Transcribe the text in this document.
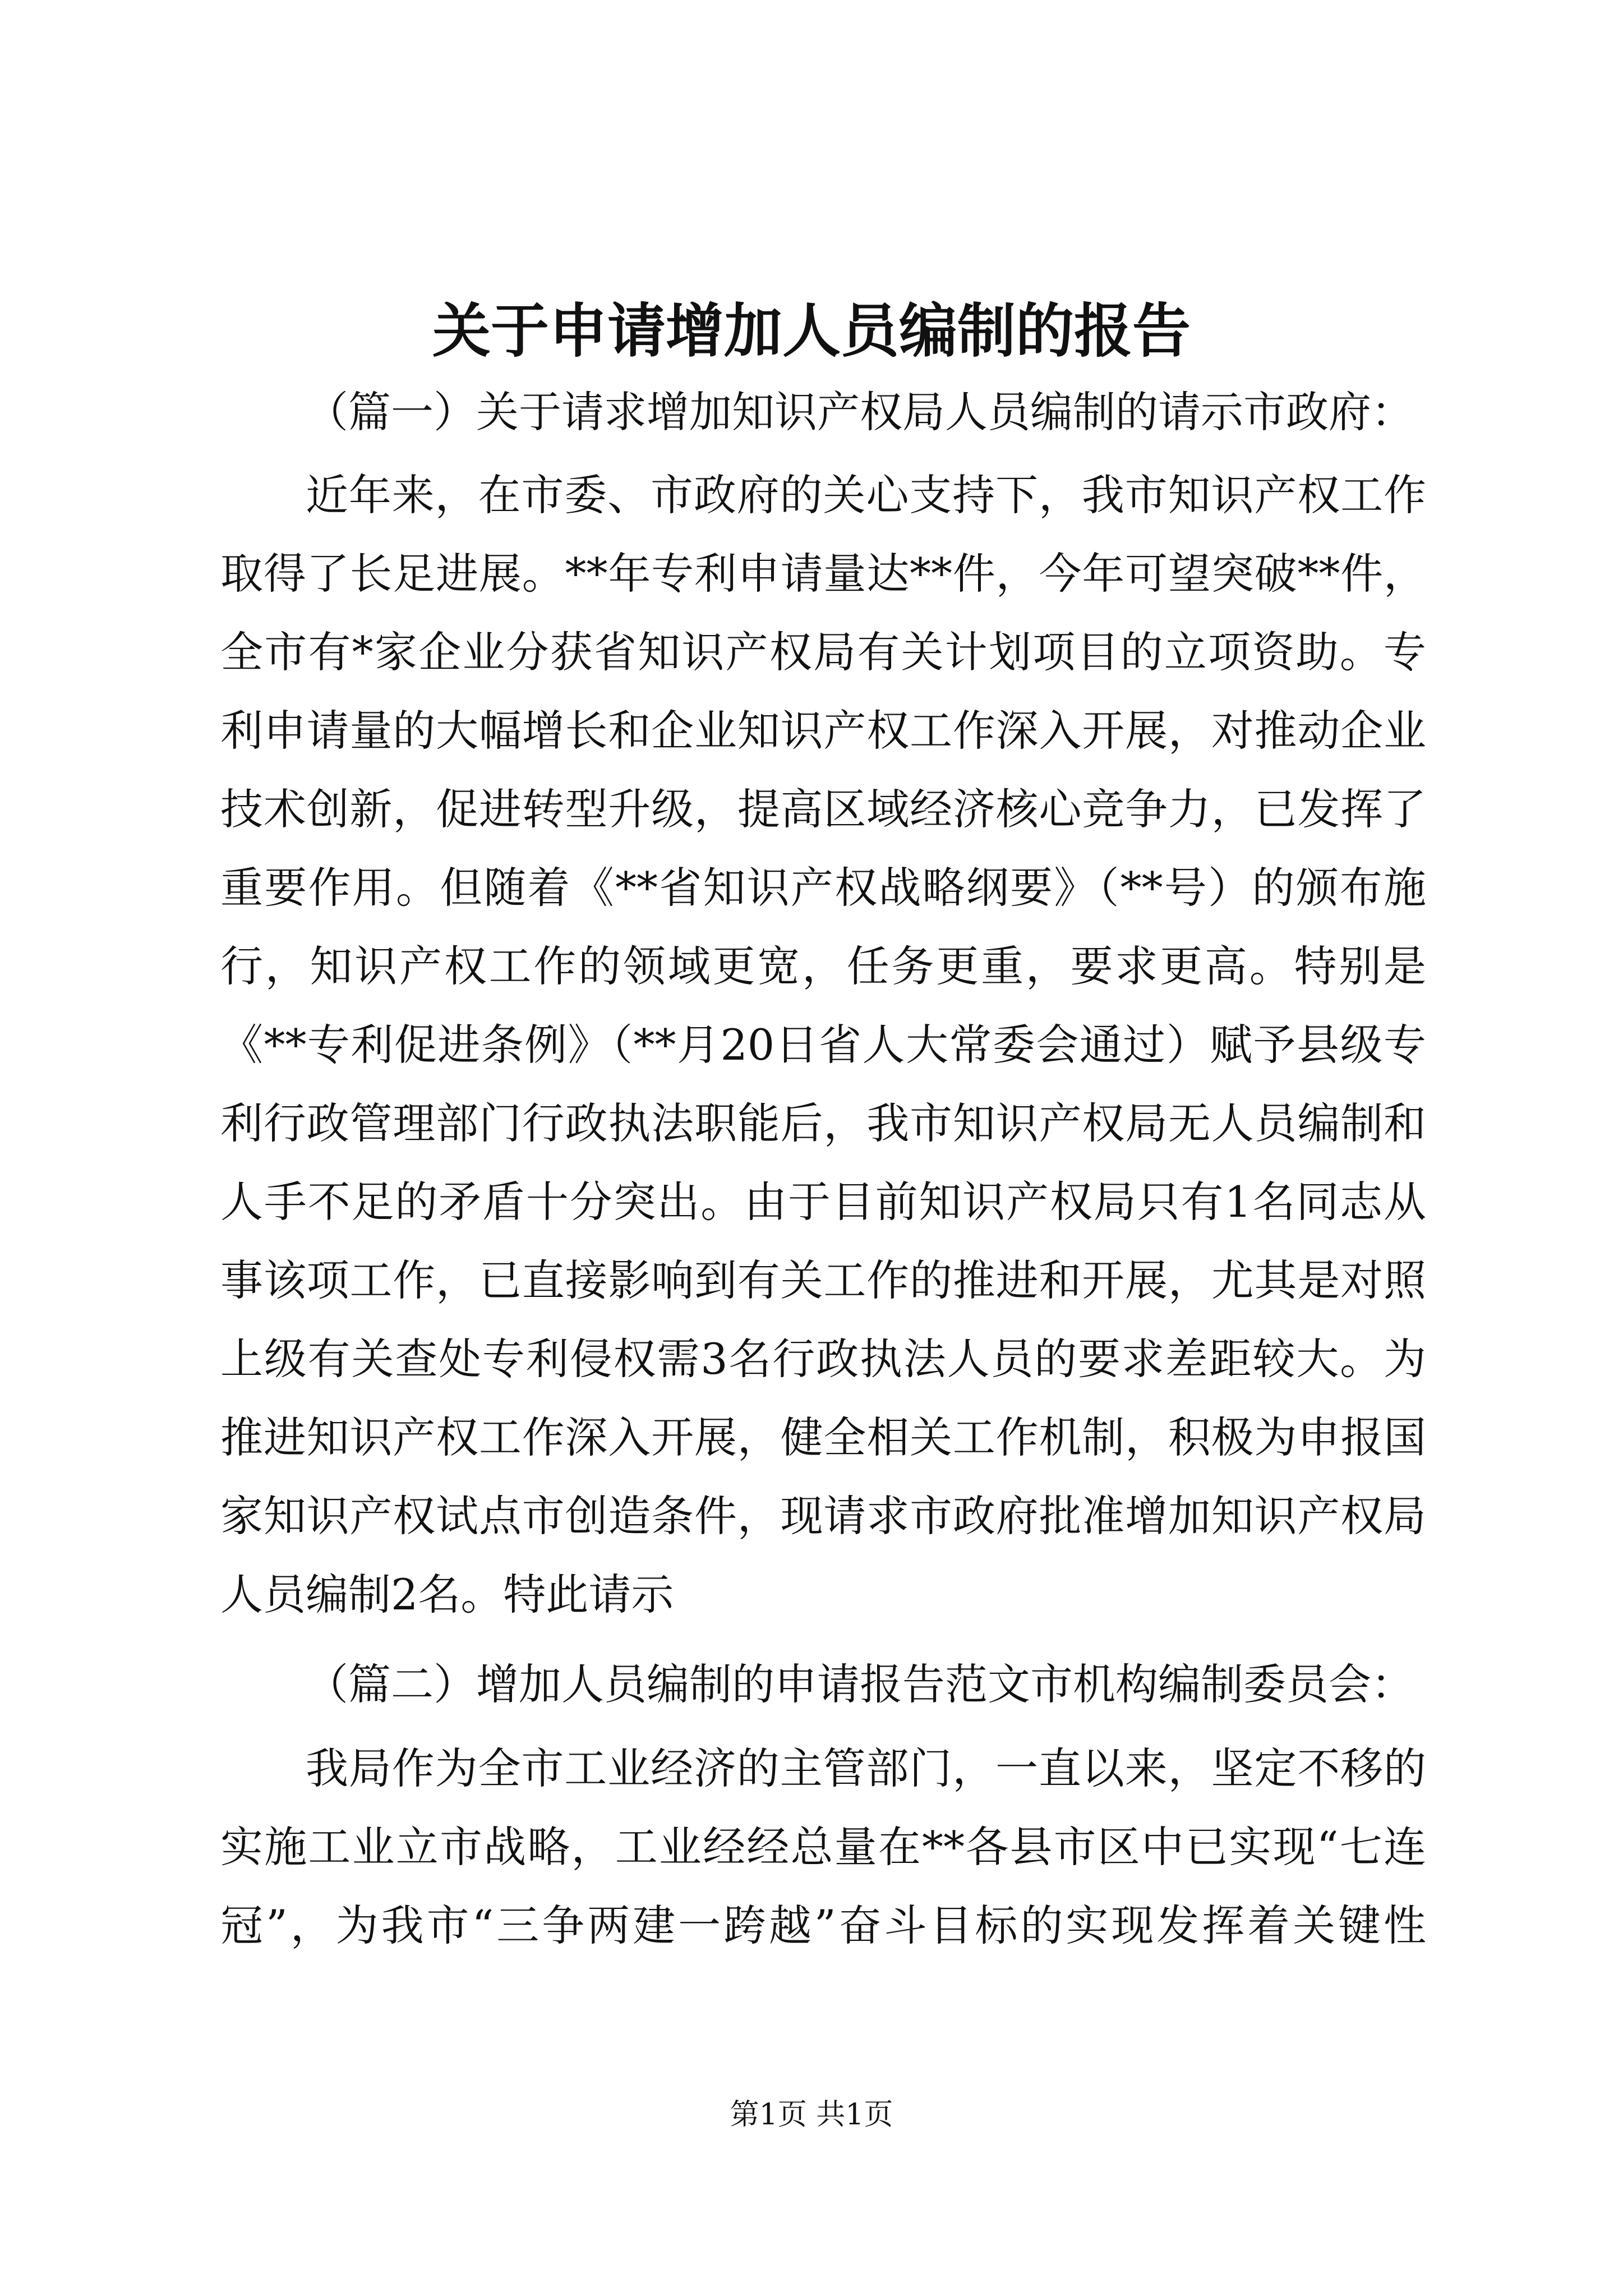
关于申请增加人员编制的报告

（篇一）关于请求增加知识产权局人员编制的请示市政府：

近年来，在市委、市政府的关心支持下，我市知识产权工作

取得了长足进展。**年专利申请量达**件，今年可望突破**件，

全市有*家企业分获省知识产权局有关计划项目的立项资助。专

利申请量的大幅增长和企业知识产权工作深入开展，对推动企业

技术创新，促进转型升级，提高区域经济核心竞争力，已发挥了

重要作用。但随着《**省知识产权战略纲要》（**号）的颁布施

行，知识产权工作的领域更宽，任务更重，要求更高。特别是

《**专利促进条例》（**月20日省人大常委会通过）赋予县级专

利行政管理部门行政执法职能后，我市知识产权局无人员编制和

人手不足的矛盾十分突出。由于目前知识产权局只有1名同志从

事该项工作，已直接影响到有关工作的推进和开展，尤其是对照

上级有关查处专利侵权需3名行政执法人员的要求差距较大。为

推进知识产权工作深入开展，健全相关工作机制，积极为申报国

家知识产权试点市创造条件，现请求市政府批准增加知识产权局

人员编制2名。特此请示

（篇二）增加人员编制的申请报告范文市机构编制委员会：

我局作为全市工业经济的主管部门，一直以来，坚定不移的

实施工业立市战略，工业经经总量在**各县市区中已实现“七连

冠”，为我市“三争两建一跨越”奋斗目标的实现发挥着关键性

第1页 共1页
